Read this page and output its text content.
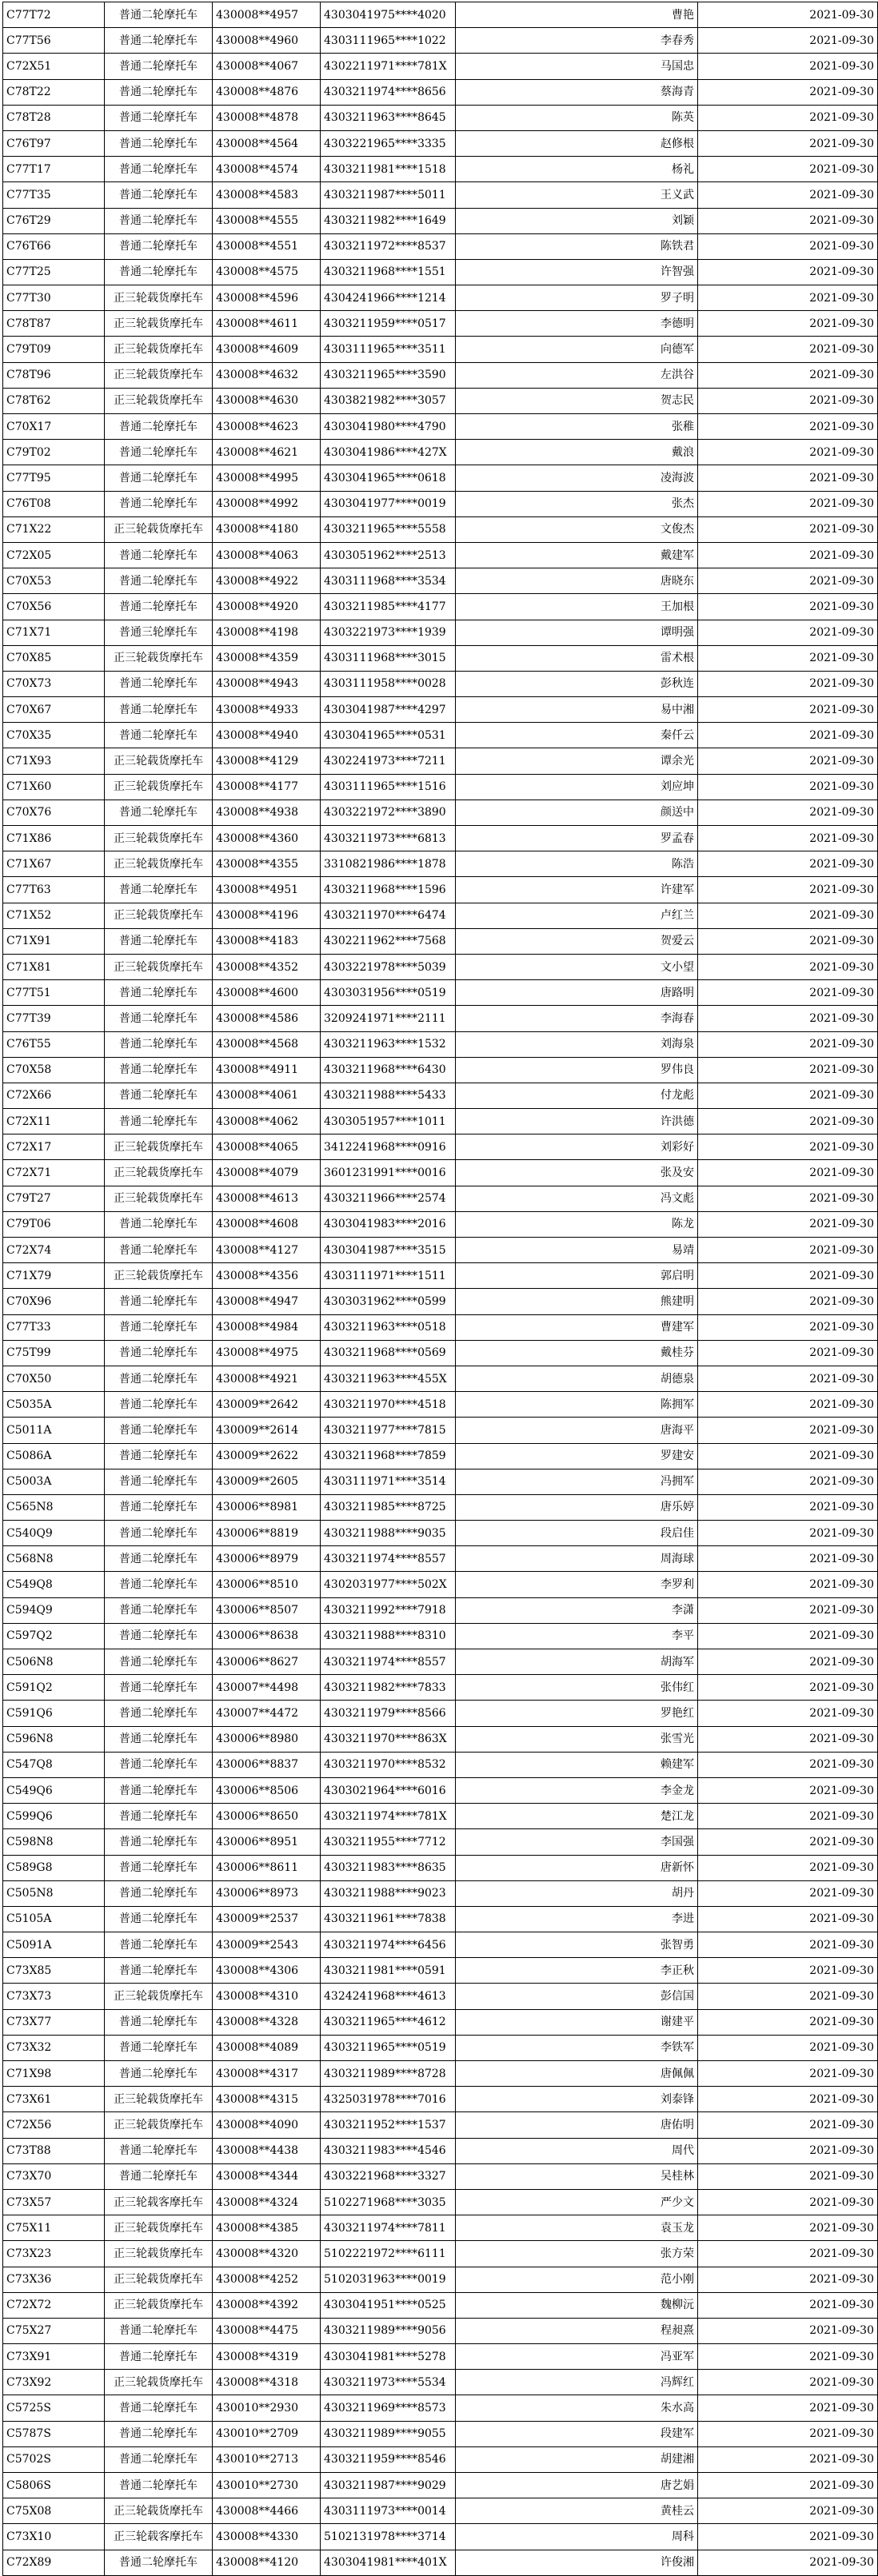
C77T72	普通二轮摩托车	430008**4957	4303041975****4020	曹艳	2021-09-30	
C77T56	普通二轮摩托车	430008**4960	4303111965****1022	李春秀	2021-09-30	
C72X51	普通二轮摩托车	430008**4067	4302211971****781X	马国忠	2021-09-30	
C78T22	普通二轮摩托车	430008**4876	4303211974****8656	蔡海青	2021-09-30	
C78T28	普通二轮摩托车	430008**4878	4303211963****8645	陈英	2021-09-30	
C76T97	普通二轮摩托车	430008**4564	4303221965****3335	赵修根	2021-09-30	
C77T17	普通二轮摩托车	430008**4574	4303211981****1518	杨礼	2021-09-30	
C77T35	普通二轮摩托车	430008**4583	4303211987****5011	王义武	2021-09-30	
C76T29	普通二轮摩托车	430008**4555	4303211982****1649	刘颖	2021-09-30	
C76T66	普通二轮摩托车	430008**4551	4303211972****8537	陈铁君	2021-09-30	
C77T25	普通二轮摩托车	430008**4575	4303211968****1551	许智强	2021-09-30	
C77T30	正三轮载货摩托车	430008**4596	4304241966****1214	罗子明	2021-09-30	
C78T87	正三轮载货摩托车	430008**4611	4303211959****0517	李德明	2021-09-30	
C79T09	正三轮载货摩托车	430008**4609	4303111965****3511	向德军	2021-09-30	
C78T96	正三轮载货摩托车	430008**4632	4303211965****3590	左洪谷	2021-09-30	
C78T62	正三轮载货摩托车	430008**4630	4303821982****3057	贺志民	2021-09-30	
C70X17	普通二轮摩托车	430008**4623	4303041980****4790	张稚	2021-09-30	
C79T02	普通二轮摩托车	430008**4621	4303041986****427X	戴浪	2021-09-30	
C77T95	普通二轮摩托车	430008**4995	4303041965****0618	凌海波	2021-09-30	
C76T08	普通二轮摩托车	430008**4992	4303041977****0019	张杰	2021-09-30	
C71X22	正三轮载货摩托车	430008**4180	4303211965****5558	文俊杰	2021-09-30	
C72X05	普通二轮摩托车	430008**4063	4303051962****2513	戴建军	2021-09-30	
C70X53	普通二轮摩托车	430008**4922	4303111968****3534	唐晓东	2021-09-30	
C70X56	普通二轮摩托车	430008**4920	4303211985****4177	王加根	2021-09-30	
C71X71	普通三轮摩托车	430008**4198	4303221973****1939	谭明强	2021-09-30	
C70X85	正三轮载货摩托车	430008**4359	4303111968****3015	雷术根	2021-09-30	
C70X73	普通二轮摩托车	430008**4943	4303111958****0028	彭秋连	2021-09-30	
C70X67	普通二轮摩托车	430008**4933	4303041987****4297	易中湘	2021-09-30	
C70X35	普通二轮摩托车	430008**4940	4303041965****0531	秦仟云	2021-09-30	
C71X93	正三轮载货摩托车	430008**4129	4302241973****7211	谭余光	2021-09-30	
C71X60	正三轮载货摩托车	430008**4177	4303111965****1516	刘应坤	2021-09-30	
C70X76	普通二轮摩托车	430008**4938	4303221972****3890	颜送中	2021-09-30	
C71X86	正三轮载货摩托车	430008**4360	4303211973****6813	罗孟春	2021-09-30	
C71X67	正三轮载货摩托车	430008**4355	3310821986****1878	陈浩	2021-09-30	
C77T63	普通二轮摩托车	430008**4951	4303211968****1596	许建军	2021-09-30	
C71X52	正三轮载货摩托车	430008**4196	4303211970****6474	卢红兰	2021-09-30	
C71X91	普通二轮摩托车	430008**4183	4302211962****7568	贺爱云	2021-09-30	
C71X81	正三轮载货摩托车	430008**4352	4303221978****5039	文小望	2021-09-30	
C77T51	普通二轮摩托车	430008**4600	4303031956****0519	唐路明	2021-09-30	
C77T39	普通二轮摩托车	430008**4586	3209241971****2111	李海春	2021-09-30	
C76T55	普通二轮摩托车	430008**4568	4303211963****1532	刘海泉	2021-09-30	
C70X58	普通二轮摩托车	430008**4911	4303211968****6430	罗伟良	2021-09-30	
C72X66	普通二轮摩托车	430008**4061	4303211988****5433	付龙彪	2021-09-30	
C72X11	普通二轮摩托车	430008**4062	4303051957****1011	许洪德	2021-09-30	
C72X17	正三轮载货摩托车	430008**4065	3412241968****0916	刘彩好	2021-09-30	
C72X71	正三轮载货摩托车	430008**4079	3601231991****0016	张及安	2021-09-30	
C79T27	正三轮载货摩托车	430008**4613	4303211966****2574	冯文彪	2021-09-30	
C79T06	普通二轮摩托车	430008**4608	4303041983****2016	陈龙	2021-09-30	
C72X74	普通二轮摩托车	430008**4127	4303041987****3515	易靖	2021-09-30	
C71X79	正三轮载货摩托车	430008**4356	4303111971****1511	郭启明	2021-09-30	
C70X96	普通二轮摩托车	430008**4947	4303031962****0599	熊建明	2021-09-30	
C77T33	普通二轮摩托车	430008**4984	4303211963****0518	曹建军	2021-09-30	
C75T99	普通二轮摩托车	430008**4975	4303211968****0569	戴桂芬	2021-09-30	
C70X50	普通二轮摩托车	430008**4921	4303211963****455X	胡德泉	2021-09-30	
C5035A	普通二轮摩托车	430009**2642	4303211970****4518	陈拥军	2021-09-30	
C5011A	普通二轮摩托车	430009**2614	4303211977****7815	唐海平	2021-09-30	
C5086A	普通二轮摩托车	430009**2622	4303211968****7859	罗建安	2021-09-30	
C5003A	普通二轮摩托车	430009**2605	4303111971****3514	冯拥军	2021-09-30	
C565N8	普通二轮摩托车	430006**8981	4303211985****8725	唐乐婷	2021-09-30	
C540Q9	普通二轮摩托车	430006**8819	4303211988****9035	段启佳	2021-09-30	
C568N8	普通二轮摩托车	430006**8979	4303211974****8557	周海球	2021-09-30	
C549Q8	普通二轮摩托车	430006**8510	4302031977****502X	李罗利	2021-09-30	
C594Q9	普通二轮摩托车	430006**8507	4303211992****7918	李潇	2021-09-30	
C597Q2	普通二轮摩托车	430006**8638	4303211988****8310	李平	2021-09-30	
C506N8	普通二轮摩托车	430006**8627	4303211974****8557	胡海军	2021-09-30	
C591Q2	普通二轮摩托车	430007**4498	4303211982****7833	张伟红	2021-09-30	
C591Q6	普通二轮摩托车	430007**4472	4303211979****8566	罗艳红	2021-09-30	
C596N8	普通二轮摩托车	430006**8980	4303211970****863X	张雪光	2021-09-30	
C547Q8	普通二轮摩托车	430006**8837	4303211970****8532	赖建军	2021-09-30	
C549Q6	普通二轮摩托车	430006**8506	4303021964****6016	李金龙	2021-09-30	
C599Q6	普通二轮摩托车	430006**8650	4303211974****781X	楚江龙	2021-09-30	
C598N8	普通二轮摩托车	430006**8951	4303211955****7712	李国强	2021-09-30	
C589G8	普通二轮摩托车	430006**8611	4303211983****8635	唐新怀	2021-09-30	
C505N8	普通二轮摩托车	430006**8973	4303211988****9023	胡丹	2021-09-30	
C5105A	普通二轮摩托车	430009**2537	4303211961****7838	李进	2021-09-30	
C5091A	普通二轮摩托车	430009**2543	4303211974****6456	张智勇	2021-09-30	
C73X85	普通二轮摩托车	430008**4306	4303211981****0591	李正秋	2021-09-30	
C73X73	正三轮载货摩托车	430008**4310	4324241968****4613	彭信国	2021-09-30	
C73X77	普通二轮摩托车	430008**4328	4303211965****4612	谢建平	2021-09-30	
C73X32	普通二轮摩托车	430008**4089	4303211965****0519	李铁军	2021-09-30	
C71X98	普通二轮摩托车	430008**4317	4303211989****8728	唐佩佩	2021-09-30	
C73X61	正三轮载货摩托车	430008**4315	4325031978****7016	刘泰锋	2021-09-30	
C72X56	正三轮载货摩托车	430008**4090	4303211952****1537	唐佑明	2021-09-30	
C73T88	普通二轮摩托车	430008**4438	4303211983****4546	周代	2021-09-30	
C73X70	普通二轮摩托车	430008**4344	4303221968****3327	吴桂林	2021-09-30	
C73X57	正三轮载客摩托车	430008**4324	5102271968****3035	严少文	2021-09-30	
C75X11	正三轮载货摩托车	430008**4385	4303211974****7811	袁玉龙	2021-09-30	
C73X23	正三轮载货摩托车	430008**4320	5102221972****6111	张方荣	2021-09-30	
C73X36	正三轮载货摩托车	430008**4252	5102031963****0019	范小刚	2021-09-30	
C72X72	正三轮载货摩托车	430008**4392	4303041951****0525	魏柳沅	2021-09-30	
C75X27	普通二轮摩托车	430008**4475	4303211989****9056	程昶熹	2021-09-30	
C73X91	普通二轮摩托车	430008**4319	4303041981****5278	冯亚军	2021-09-30	
C73X92	正三轮载货摩托车	430008**4318	4303211973****5534	冯辉红	2021-09-30	
C5725S	普通二轮摩托车	430010**2930	4303211969****8573	朱水高	2021-09-30	
C5787S	普通二轮摩托车	430010**2709	4303211989****9055	段建军	2021-09-30	
C5702S	普通二轮摩托车	430010**2713	4303211959****8546	胡建湘	2021-09-30	
C5806S	普通二轮摩托车	430010**2730	4303211987****9029	唐艺娟	2021-09-30	
C75X08	正三轮载货摩托车	430008**4466	4303111973****0014	黄桂云	2021-09-30	
C73X10	正三轮载客摩托车	430008**4330	5102131978****3714	周科	2021-09-30	
C72X89	普通二轮摩托车	430008**4120	4303041981****401X	许俊湘	2021-09-30	
